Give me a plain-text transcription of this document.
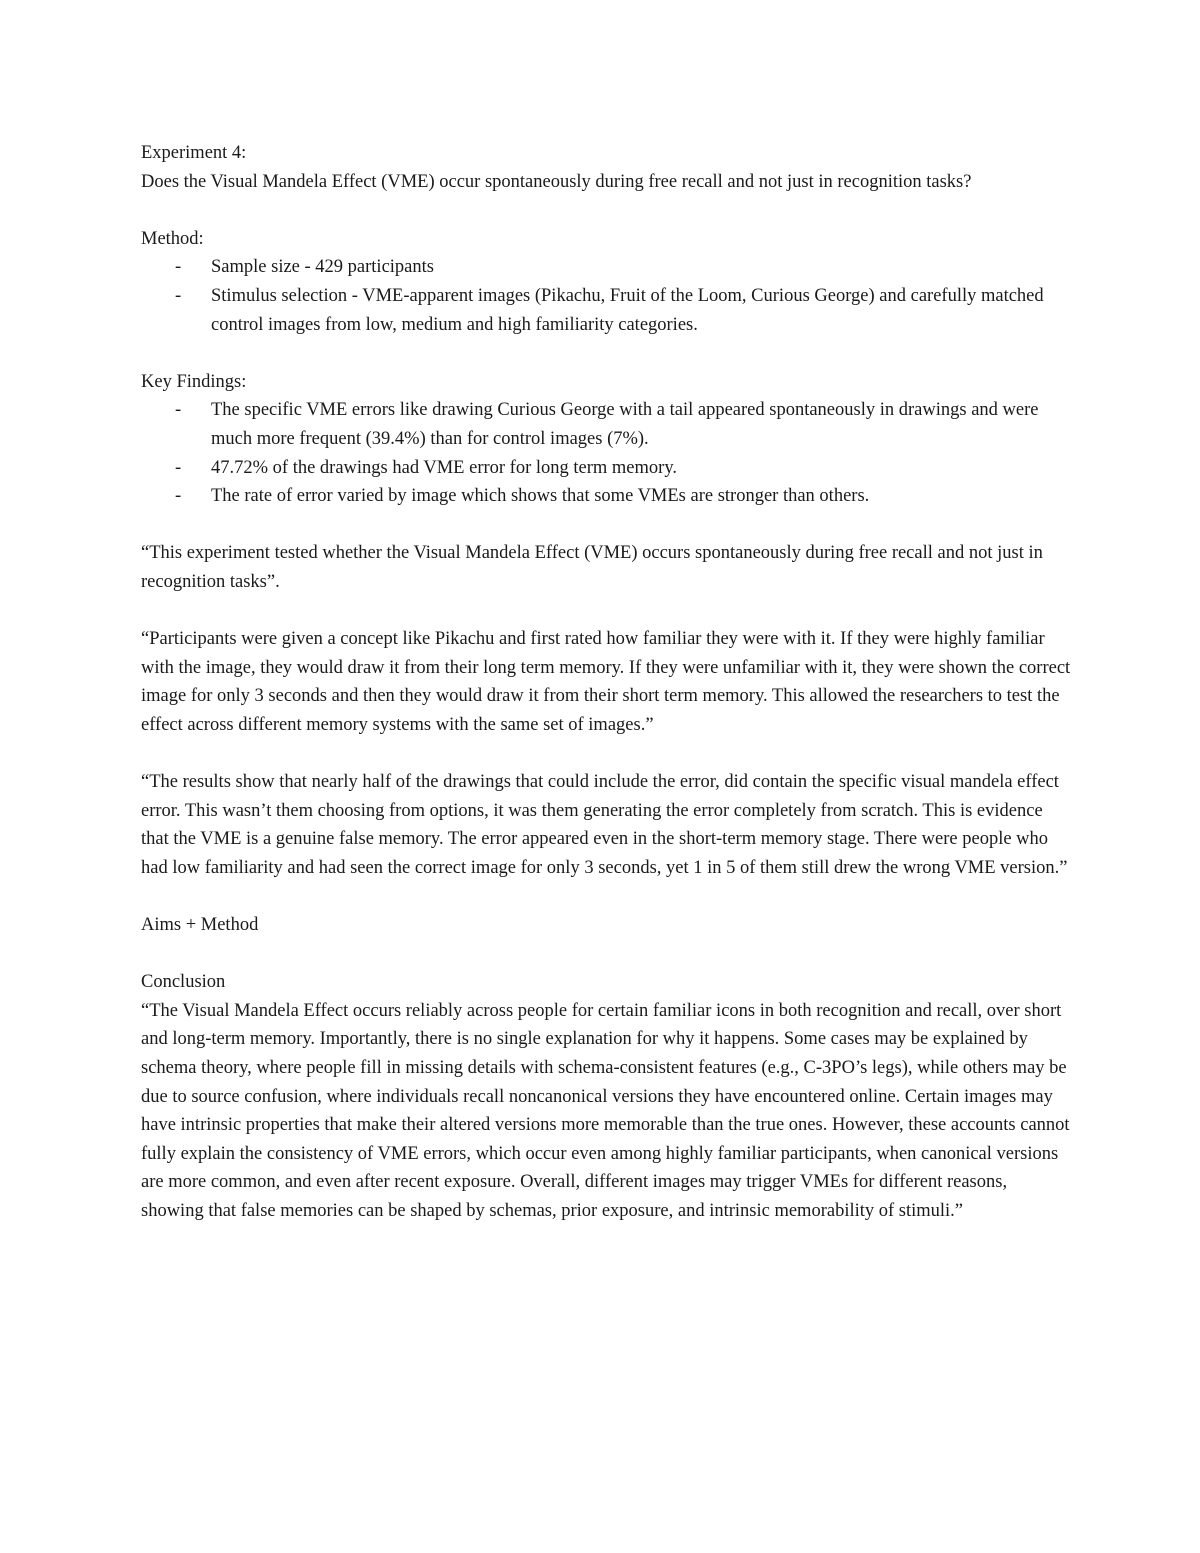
Experiment 4:

Does the Visual Mandela Effect (VME) occur spontaneously during free recall and not just in recognition tasks?

Method:

- Sample size - 429 participants
- Stimulus selection - VME-apparent images (Pikachu, Fruit of the Loom, Curious George) and carefully matched control images from low, medium and high familiarity categories.

Key Findings:

- The specific VME errors like drawing Curious George with a tail appeared spontaneously in drawings and were much more frequent (39.4%) than for control images (7%).
- 47.72% of the drawings had VME error for long term memory.
- The rate of error varied by image which shows that some VMEs are stronger than others.

“This experiment tested whether the Visual Mandela Effect (VME) occurs spontaneously during free recall and not just in recognition tasks”.

“Participants were given a concept like Pikachu and first rated how familiar they were with it. If they were highly familiar with the image, they would draw it from their long term memory. If they were unfamiliar with it, they were shown the correct image for only 3 seconds and then they would draw it from their short term memory. This allowed the researchers to test the effect across different memory systems with the same set of images.”

“The results show that nearly half of the drawings that could include the error, did contain the specific visual mandela effect error. This wasn’t them choosing from options, it was them generating the error completely from scratch. This is evidence that the VME is a genuine false memory. The error appeared even in the short-term memory stage. There were people who had low familiarity and had seen the correct image for only 3 seconds, yet 1 in 5 of them still drew the wrong VME version.”

Aims + Method

Conclusion

“The Visual Mandela Effect occurs reliably across people for certain familiar icons in both recognition and recall, over short and long-term memory. Importantly, there is no single explanation for why it happens. Some cases may be explained by schema theory, where people fill in missing details with schema-consistent features (e.g., C-3PO’s legs), while others may be due to source confusion, where individuals recall noncanonical versions they have encountered online. Certain images may have intrinsic properties that make their altered versions more memorable than the true ones. However, these accounts cannot fully explain the consistency of VME errors, which occur even among highly familiar participants, when canonical versions are more common, and even after recent exposure. Overall, different images may trigger VMEs for different reasons, showing that false memories can be shaped by schemas, prior exposure, and intrinsic memorability of stimuli.”
